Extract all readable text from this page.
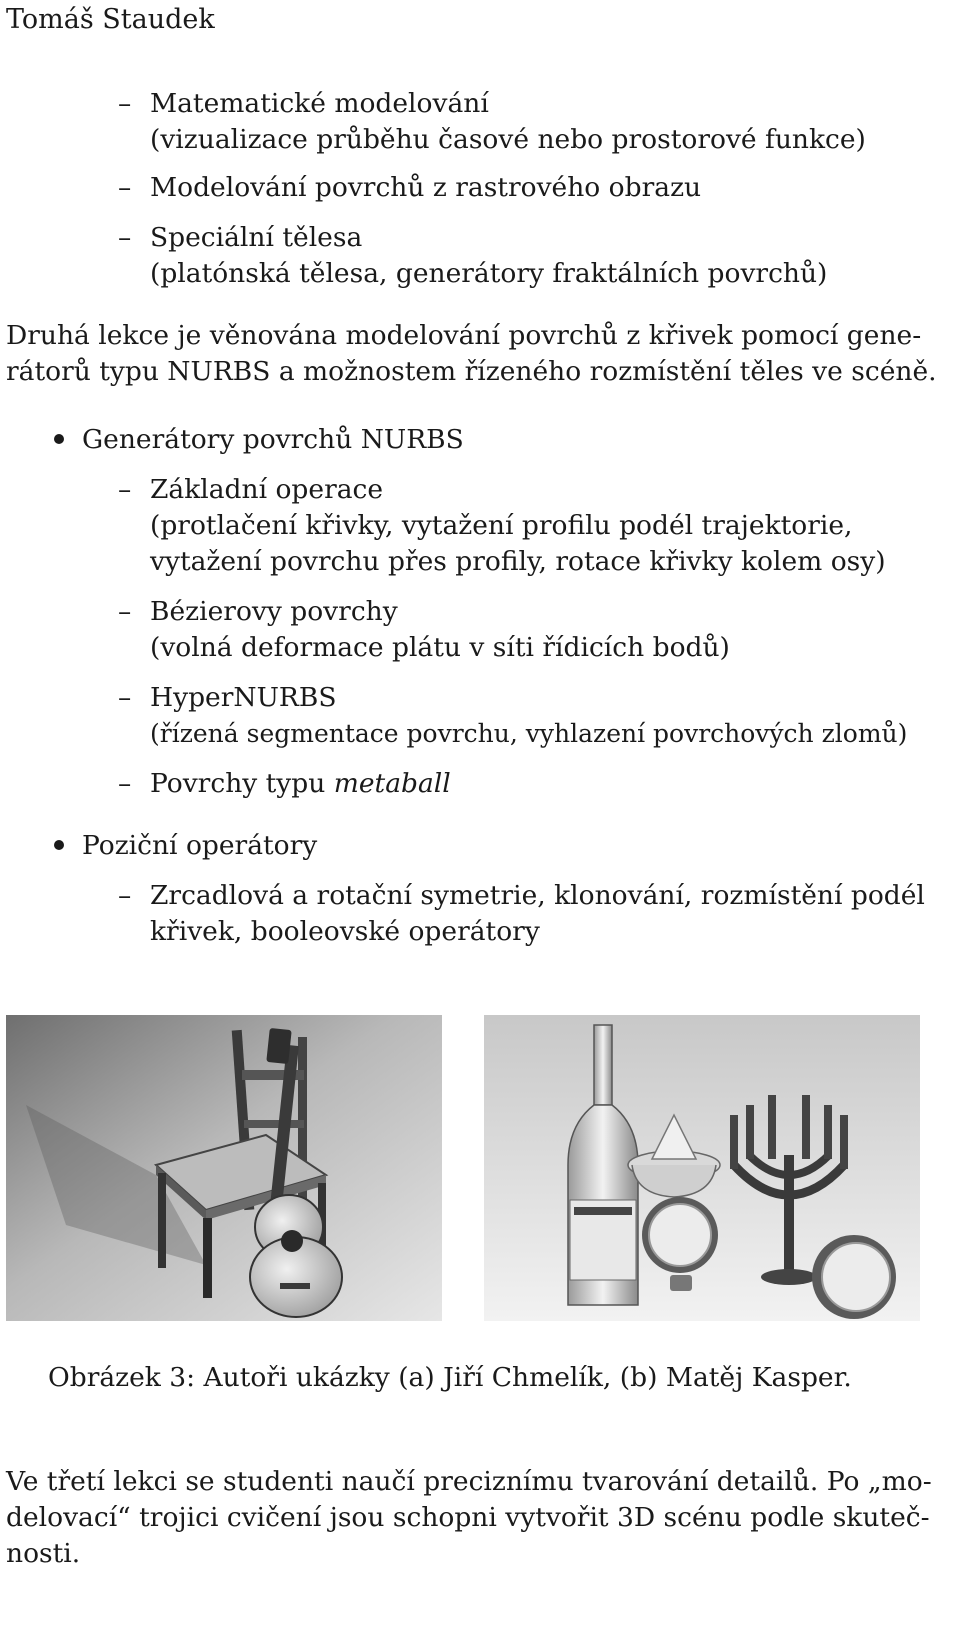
Tomáš Staudek
– Matematické modelování
(vizualizace průběhu časové nebo prostorové funkce)
– Modelování povrchů z rastrového obrazu
– Speciální tělesa
(platónská tělesa, generátory fraktálních povrchů)
Druhá lekce je věnována modelování povrchů z křivek pomocí gene-
rátorů typu NURBS a možnostem řízeného rozmístění těles ve scéně.
Generátory povrchů NURBS
– Základní operace
(protlačení křivky, vytažení profilu podél trajektorie,
vytažení povrchu přes profily, rotace křivky kolem osy)
– Bézierovy povrchy
(volná deformace plátu v síti řídicích bodů)
– HyperNURBS
(řízená segmentace povrchu, vyhlazení povrchových zlomů)
– Povrchy typu metaball
Poziční operátory
– Zrcadlová a rotační symetrie, klonování, rozmístění podél
křivek, booleovské operátory
Obrázek 3: Autoři ukázky (a) Jiří Chmelík, (b) Matěj Kasper.
Ve třetí lekci se studenti naučí preciznímu tvarování detailů. Po „mo-
delovací“ trojici cvičení jsou schopni vytvořit 3D scénu podle skuteč-
nosti.
